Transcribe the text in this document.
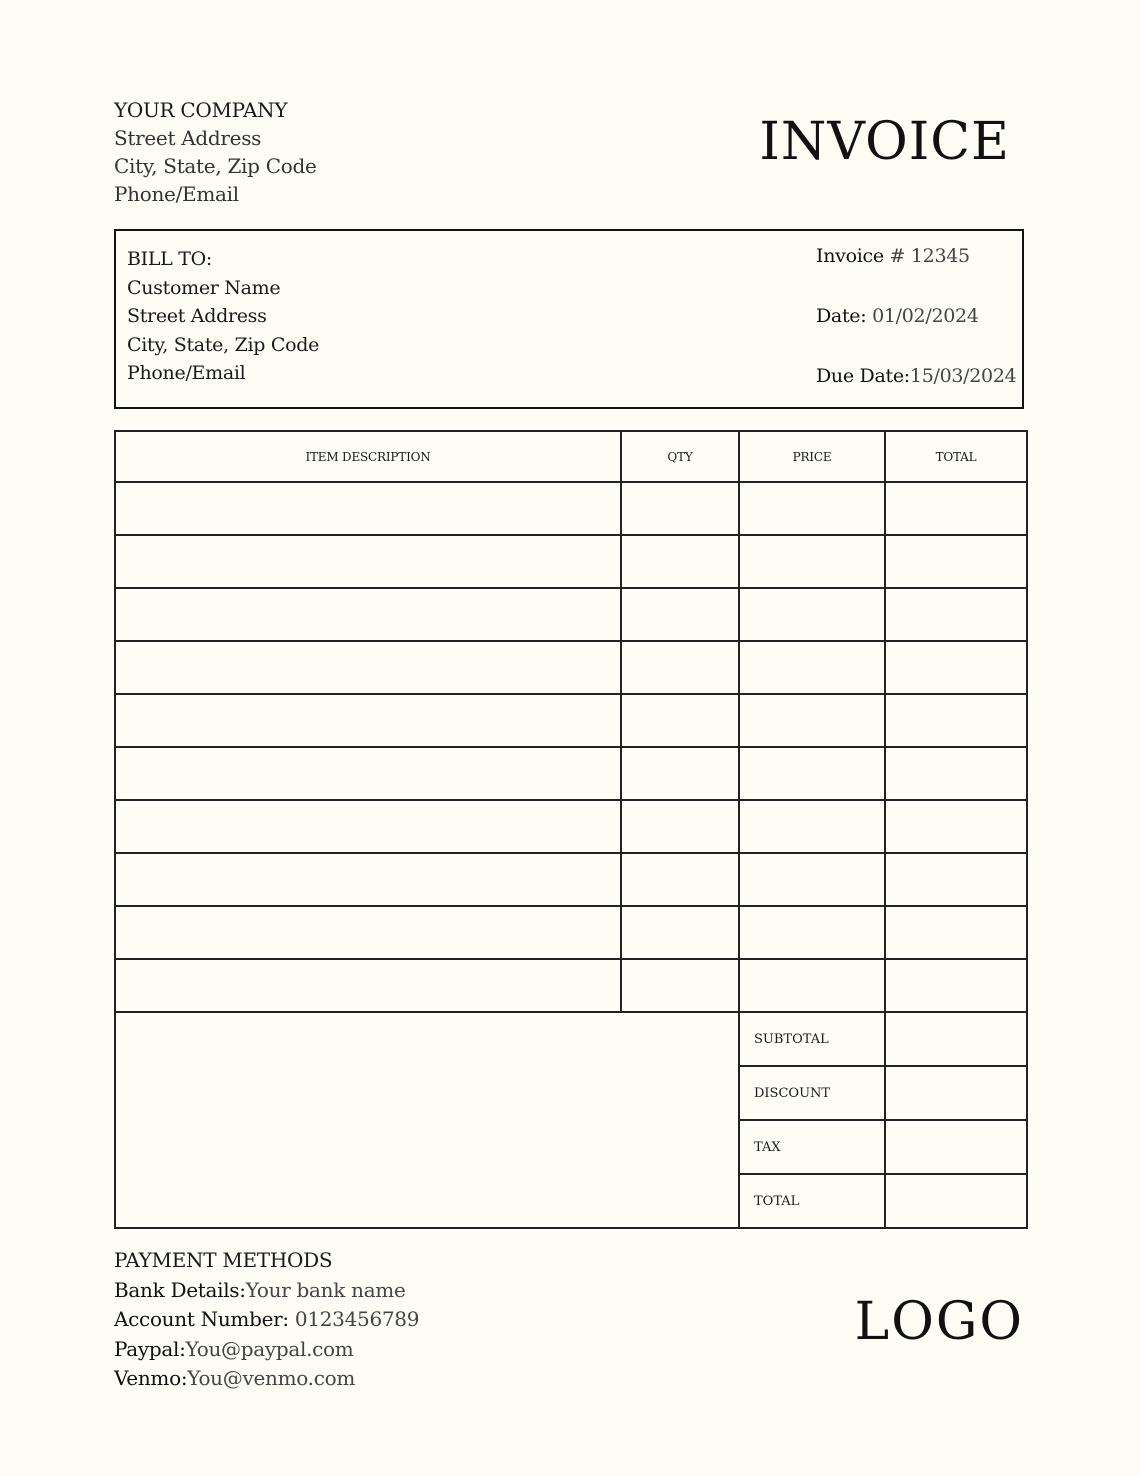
YOUR COMPANY
Street Address
City, State, Zip Code
Phone/Email
INVOICE
BILL TO:
Customer Name
Street Address
City, State, Zip Code
Phone/Email
Invoice # 12345
Date: 01/02/2024
Due Date:15/03/2024
ITEM DESCRIPTION	QTY	PRICE	TOTAL

		SUBTOTAL	
		DISCOUNT	
		TAX	
		TOTAL	
PAYMENT METHODS
Bank Details:Your bank name
Account Number: 0123456789
Paypal:You@paypal.com
Venmo:You@venmo.com
LOGO
